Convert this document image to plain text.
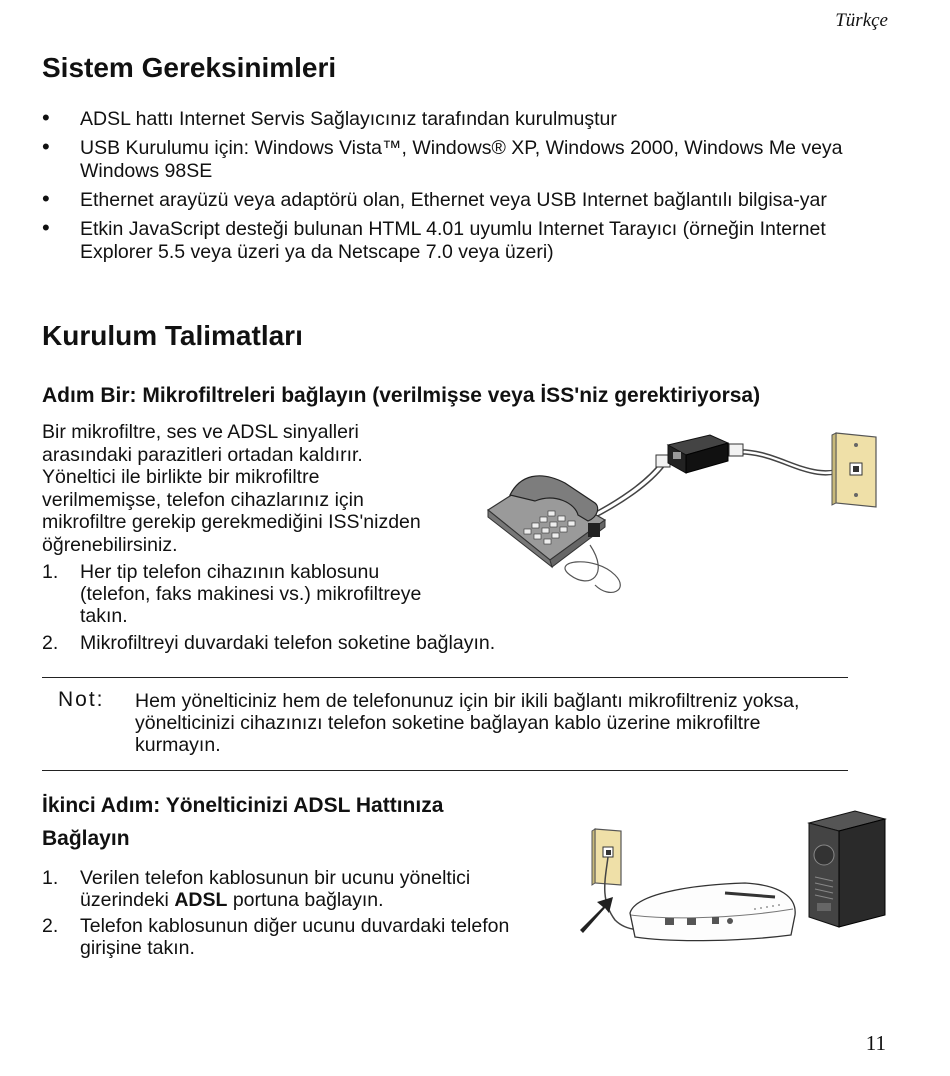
Türkçe
Sistem Gereksinimleri
• ADSL hattı Internet Servis Sağlayıcınız tarafından kurulmuştur
• USB Kurulumu için: Windows Vista™, Windows® XP, Windows 2000, Windows Me veya Windows 98SE
• Ethernet arayüzü veya adaptörü olan, Ethernet veya USB Internet bağlantılı bilgisa-yar
• Etkin JavaScript desteği bulunan HTML 4.01 uyumlu Internet Tarayıcı (örneğin Internet Explorer 5.5 veya üzeri ya da Netscape 7.0 veya üzeri)
Kurulum Talimatları
Adım Bir: Mikrofiltreleri bağlayın (verilmişse veya İSS'niz gerektiriyorsa)
Bir mikrofiltre, ses ve ADSL sinyalleri arasındaki parazitleri ortadan kaldırır. Yöneltici ile birlikte bir mikrofiltre verilmemişse, telefon cihazlarınız için mikrofiltre gerekip gerekmediğini ISS'nizden öğrenebilirsiniz.
1. Her tip telefon cihazının kablosunu (telefon, faks makinesi vs.) mikrofiltreye takın.
2. Mikrofiltreyi duvardaki telefon soketine bağlayın.
Not: Hem yönelticiniz hem de telefonunuz için bir ikili bağlantı mikrofiltreniz yoksa, yönelticinizi cihazınızı telefon soketine bağlayan kablo üzerine mikrofiltre kurmayın.
İkinci Adım: Yönelticinizi ADSL Hattınıza Bağlayın
1. Verilen telefon kablosunun bir ucunu yöneltici üzerindeki ADSL portuna bağlayın.
2. Telefon kablosunun diğer ucunu duvardaki telefon girişine takın.
11
